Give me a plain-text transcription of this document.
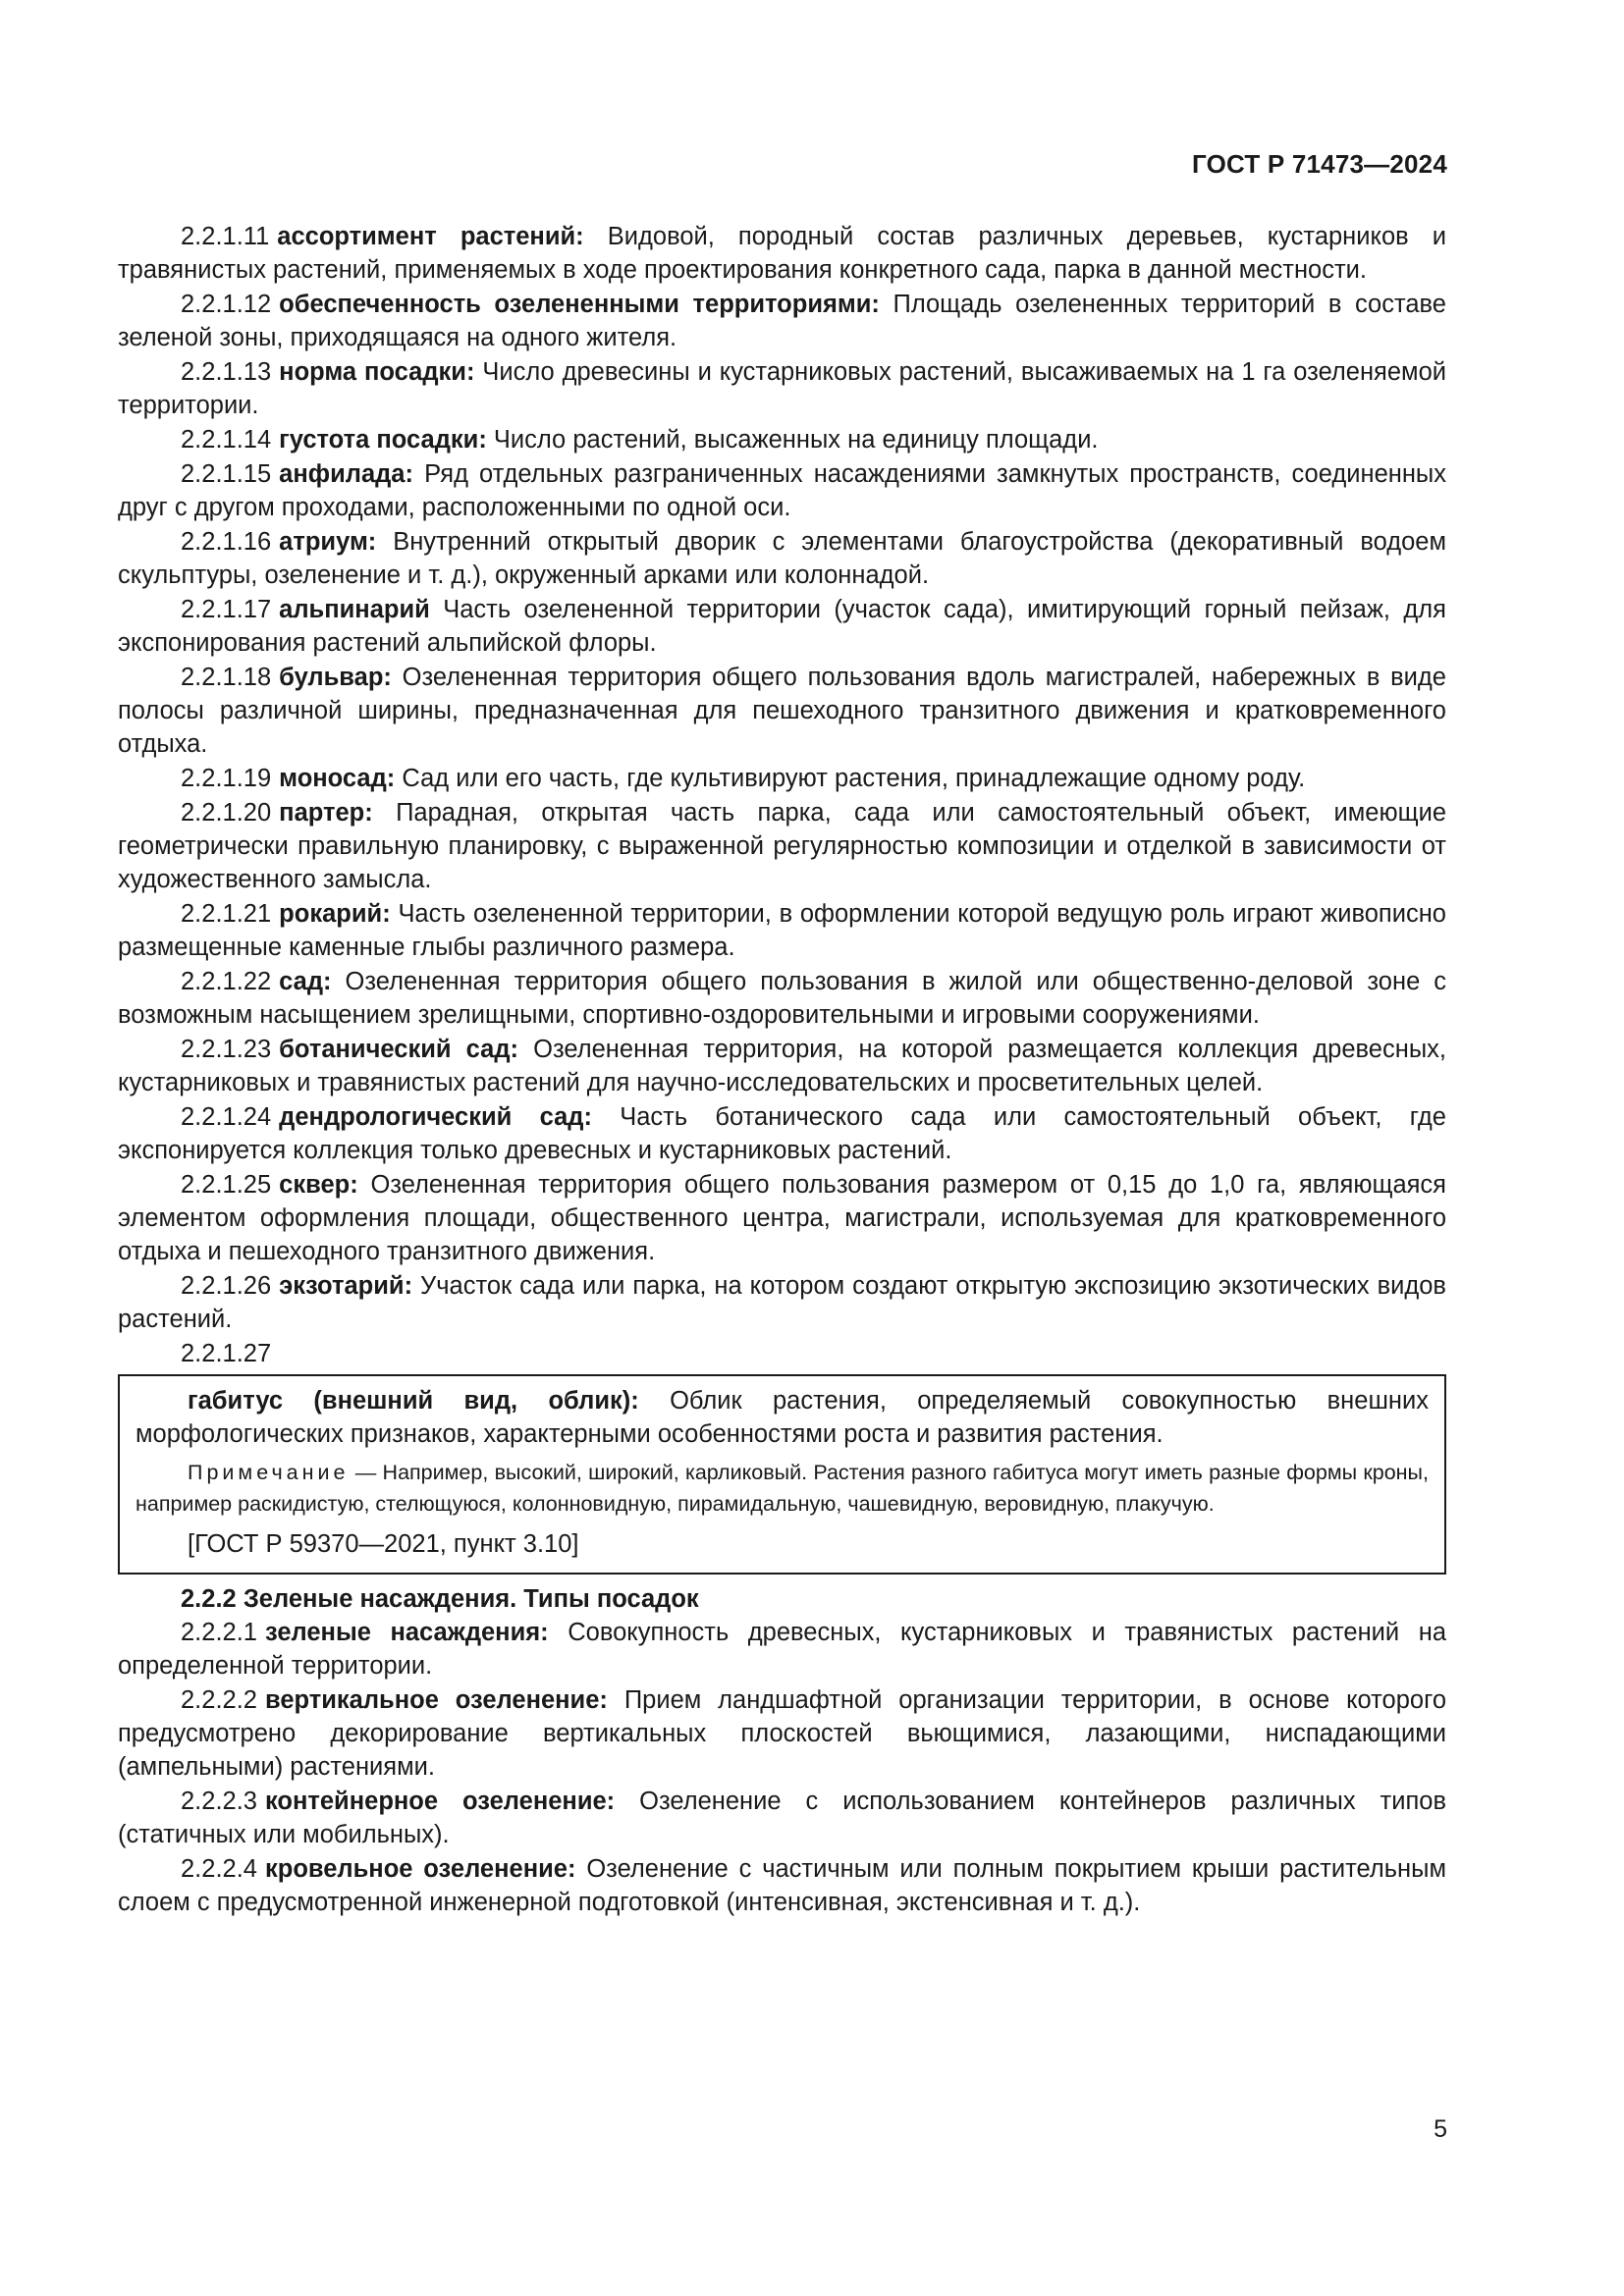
ГОСТ Р 71473—2024

2.2.1.11 ассортимент растений: Видовой, породный состав различных деревьев, кустарников и травянистых растений, применяемых в ходе проектирования конкретного сада, парка в данной местности.

2.2.1.12 обеспеченность озелененными территориями: Площадь озелененных территорий в составе зеленой зоны, приходящаяся на одного жителя.

2.2.1.13 норма посадки: Число древесины и кустарниковых растений, высаживаемых на 1 га озеленяемой территории.

2.2.1.14 густота посадки: Число растений, высаженных на единицу площади.

2.2.1.15 анфилада: Ряд отдельных разграниченных насаждениями замкнутых пространств, соединенных друг с другом проходами, расположенными по одной оси.

2.2.1.16 атриум: Внутренний открытый дворик с элементами благоустройства (декоративный водоем скульптуры, озеленение и т. д.), окруженный арками или колоннадой.

2.2.1.17 альпинарий Часть озелененной территории (участок сада), имитирующий горный пейзаж, для экспонирования растений альпийской флоры.

2.2.1.18 бульвар: Озелененная территория общего пользования вдоль магистралей, набережных в виде полосы различной ширины, предназначенная для пешеходного транзитного движения и кратковременного отдыха.

2.2.1.19 моносад: Сад или его часть, где культивируют растения, принадлежащие одному роду.

2.2.1.20 партер: Парадная, открытая часть парка, сада или самостоятельный объект, имеющие геометрически правильную планировку, с выраженной регулярностью композиции и отделкой в зависимости от художественного замысла.

2.2.1.21 рокарий: Часть озелененной территории, в оформлении которой ведущую роль играют живописно размещенные каменные глыбы различного размера.

2.2.1.22 сад: Озелененная территория общего пользования в жилой или общественно-деловой зоне с возможным насыщением зрелищными, спортивно-оздоровительными и игровыми сооружениями.

2.2.1.23 ботанический сад: Озелененная территория, на которой размещается коллекция древесных, кустарниковых и травянистых растений для научно-исследовательских и просветительных целей.

2.2.1.24 дендрологический сад: Часть ботанического сада или самостоятельный объект, где экспонируется коллекция только древесных и кустарниковых растений.

2.2.1.25 сквер: Озелененная территория общего пользования размером от 0,15 до 1,0 га, являющаяся элементом оформления площади, общественного центра, магистрали, используемая для кратковременного отдыха и пешеходного транзитного движения.

2.2.1.26 экзотарий: Участок сада или парка, на котором создают открытую экспозицию экзотических видов растений.

2.2.1.27

габитус (внешний вид, облик): Облик растения, определяемый совокупностью внешних морфологических признаков, характерными особенностями роста и развития растения.

Примечание — Например, высокий, широкий, карликовый. Растения разного габитуса могут иметь разные формы кроны, например раскидистую, стелющуюся, колонновидную, пирамидальную, чашевидную, веровидную, плакучую.

[ГОСТ Р 59370—2021, пункт 3.10]

2.2.2 Зеленые насаждения. Типы посадок

2.2.2.1 зеленые насаждения: Совокупность древесных, кустарниковых и травянистых растений на определенной территории.

2.2.2.2 вертикальное озеленение: Прием ландшафтной организации территории, в основе которого предусмотрено декорирование вертикальных плоскостей вьющимися, лазающими, ниспадающими (ампельными) растениями.

2.2.2.3 контейнерное озеленение: Озеленение с использованием контейнеров различных типов (статичных или мобильных).

2.2.2.4 кровельное озеленение: Озеленение с частичным или полным покрытием крыши растительным слоем с предусмотренной инженерной подготовкой (интенсивная, экстенсивная и т. д.).

5
